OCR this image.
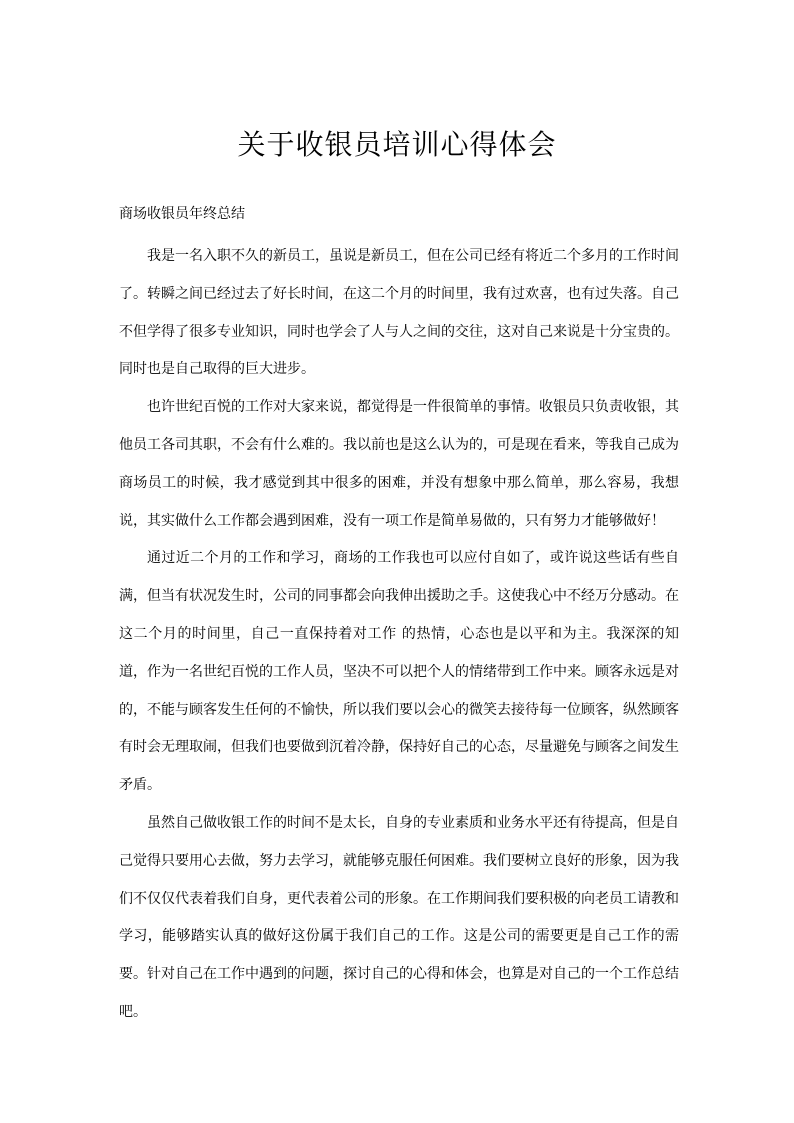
关于收银员培训心得体会

商场收银员年终总结

我是一名入职不久的新员工，虽说是新员工，但在公司已经有将近二个多月的工作时间了。转瞬之间已经过去了好长时间，在这二个月的时间里，我有过欢喜，也有过失落。自己不但学得了很多专业知识，同时也学会了人与人之间的交往，这对自己来说是十分宝贵的。同时也是自己取得的巨大进步。

也许世纪百悦的工作对大家来说，都觉得是一件很简单的事情。收银员只负责收银，其他员工各司其职，不会有什么难的。我以前也是这么认为的，可是现在看来，等我自己成为商场员工的时候，我才感觉到其中很多的困难，并没有想象中那么简单，那么容易，我想说，其实做什么工作都会遇到困难，没有一项工作是简单易做的，只有努力才能够做好！

通过近二个月的工作和学习，商场的工作我也可以应付自如了，或许说这些话有些自满，但当有状况发生时，公司的同事都会向我伸出援助之手。这使我心中不经万分感动。在这二个月的时间里，自己一直保持着对工作 的热情，心态也是以平和为主。我深深的知道，作为一名世纪百悦的工作人员，坚决不可以把个人的情绪带到工作中来。顾客永远是对的，不能与顾客发生任何的不愉快，所以我们要以会心的微笑去接待每一位顾客，纵然顾客有时会无理取闹，但我们也要做到沉着冷静，保持好自己的心态，尽量避免与顾客之间发生矛盾。

虽然自己做收银工作的时间不是太长，自身的专业素质和业务水平还有待提高，但是自己觉得只要用心去做，努力去学习，就能够克服任何困难。我们要树立良好的形象，因为我们不仅仅代表着我们自身，更代表着公司的形象。在工作期间我们要积极的向老员工请教和学习，能够踏实认真的做好这份属于我们自己的工作。这是公司的需要更是自己工作的需要。针对自己在工作中遇到的问题，探讨自己的心得和体会，也算是对自己的一个工作总结吧。
